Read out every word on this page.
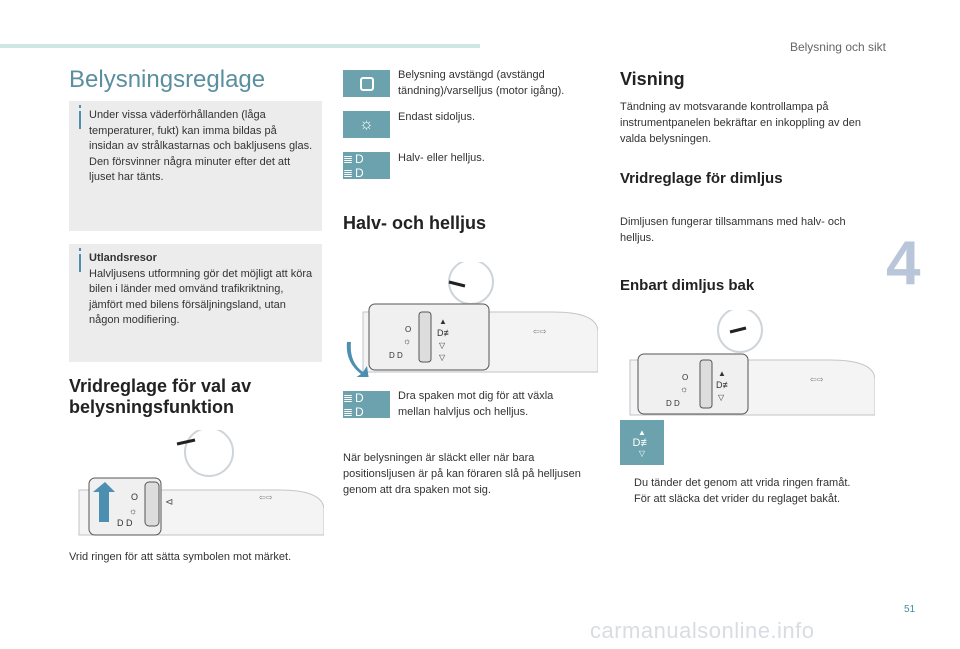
Belysning och sikt
4
51
Belysningsreglage
Under vissa väderförhållanden (låga temperaturer, fukt) kan imma bildas på insidan av strålkastarnas och bakljusens glas. Den försvinner några minuter efter det att ljuset har tänts.
Utlandsresor
Halvljusens utformning gör det möjligt att köra bilen i länder med omvänd trafikriktning, jämfört med bilens försäljningsland, utan någon modifiering.
Vridreglage för val av belysningsfunktion
O
☼
D D
⊲	⇦⇨
Vrid ringen för att sätta symbolen mot märket.
Belysning avstängd (avstängd tändning)/varselljus (motor igång).
☼ Endast sidoljus.
≣D ≣D
Halv- eller helljus.
Halv- och helljus
O
☼
D D
▲
D≢
▽
▽
⇦⇨
≣D ≣D
Dra spaken mot dig för att växla mellan halvljus och helljus.
När belysningen är släckt eller när bara positionsljusen är på kan föraren slå på helljusen genom att dra spaken mot sig.
Visning
Tändning av motsvarande kontrollampa på instrumentpanelen bekräftar en inkoppling av den valda belysningen.
Vridreglage för dimljus
Dimljusen fungerar tillsammans med halv- och helljus.
Enbart dimljus bak
O
☼
D D
▲
D≢
▽
⇦⇨
▲
D≢
▽
Du tänder det genom att vrida ringen framåt.
För att släcka det vrider du reglaget bakåt.
carmanualsonline.info
